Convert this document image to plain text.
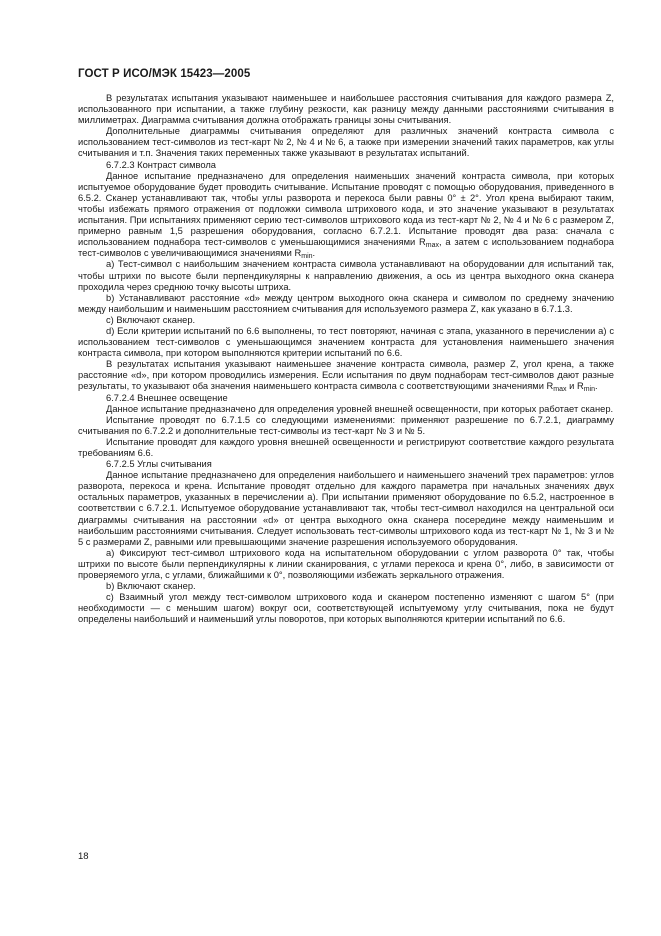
ГОСТ Р ИСО/МЭК 15423—2005

В результатах испытания указывают наименьшее и наибольшее расстояния считывания для каждого размера Z, использованного при испытании, а также глубину резкости, как разницу между данными расстояниями считывания в миллиметрах. Диаграмма считывания должна отображать границы зоны считывания.

Дополнительные диаграммы считывания определяют для различных значений контраста символа с использованием тест-символов из тест-карт № 2, № 4 и № 6, а также при измерении значений таких параметров, как углы считывания и т.п. Значения таких переменных также указывают в результатах испытаний.

6.7.2.3 Контраст символа

Данное испытание предназначено для определения наименьших значений контраста символа, при которых испытуемое оборудование будет проводить считывание. Испытание проводят с помощью оборудования, приведенного в 6.5.2. Сканер устанавливают так, чтобы углы разворота и перекоса были равны 0° ± 2°. Угол крена выбирают таким, чтобы избежать прямого отражения от подложки символа штрихового кода, и это значение указывают в результатах испытания. При испытаниях применяют серию тест-символов штрихового кода из тест-карт № 2, № 4 и № 6 с размером Z, примерно равным 1,5 разрешения оборудования, согласно 6.7.2.1. Испытание проводят два раза: сначала с использованием поднабора тест-символов с уменьшающимися значениями $R_{max}$, а затем с использованием поднабора тест-символов с увеличивающимися значениями $R_{min}$.

а) Тест-символ с наибольшим значением контраста символа устанавливают на оборудовании для испытаний так, чтобы штрихи по высоте были перпендикулярны к направлению движения, а ось из центра выходного окна сканера проходила через среднюю точку высоты штриха.

b) Устанавливают расстояние «d» между центром выходного окна сканера и символом по среднему значению между наибольшим и наименьшим расстоянием считывания для используемого размера Z, как указано в 6.7.1.3.

c) Включают сканер.

d) Если критерии испытаний по 6.6 выполнены, то тест повторяют, начиная с этапа, указанного в перечислении а) с использованием тест-символов с уменьшающимся значением контраста для установления наименьшего значения контраста символа, при котором выполняются критерии испытаний по 6.6.

В результатах испытания указывают наименьшее значение контраста символа, размер Z, угол крена, а также расстояние «d», при котором проводились измерения. Если испытания по двум поднаборам тест-символов дают разные результаты, то указывают оба значения наименьшего контраста символа с соответствующими значениями $R_{max}$ и $R_{min}$.

6.7.2.4 Внешнее освещение

Данное испытание предназначено для определения уровней внешней освещенности, при которых работает сканер.

Испытание проводят по 6.7.1.5 со следующими изменениями: применяют разрешение по 6.7.2.1, диаграмму считывания по 6.7.2.2 и дополнительные тест-символы из тест-карт № 3 и № 5.

Испытание проводят для каждого уровня внешней освещенности и регистрируют соответствие каждого результата требованиям 6.6.

6.7.2.5 Углы считывания

Данное испытание предназначено для определения наибольшего и наименьшего значений трех параметров: углов разворота, перекоса и крена. Испытание проводят отдельно для каждого параметра при начальных значениях двух остальных параметров, указанных в перечислении а). При испытании применяют оборудование по 6.5.2, настроенное в соответствии с 6.7.2.1. Испытуемое оборудование устанавливают так, чтобы тест-символ находился на центральной оси диаграммы считывания на расстоянии «d» от центра выходного окна сканера посередине между наименьшим и наибольшим расстояниями считывания. Следует использовать тест-символы штрихового кода из тест-карт № 1, № 3 и № 5 с размерами Z, равными или превышающими значение разрешения используемого оборудования.

а) Фиксируют тест-символ штрихового кода на испытательном оборудовании с углом разворота 0° так, чтобы штрихи по высоте были перпендикулярны к линии сканирования, с углами перекоса и крена 0°, либо, в зависимости от проверяемого угла, с углами, ближайшими к 0°, позволяющими избежать зеркального отражения.

b) Включают сканер.

c) Взаимный угол между тест-символом штрихового кода и сканером постепенно изменяют с шагом 5° (при необходимости — с меньшим шагом) вокруг оси, соответствующей испытуемому углу считывания, пока не будут определены наибольший и наименьший углы поворотов, при которых выполняются критерии испытаний по 6.6.

18
